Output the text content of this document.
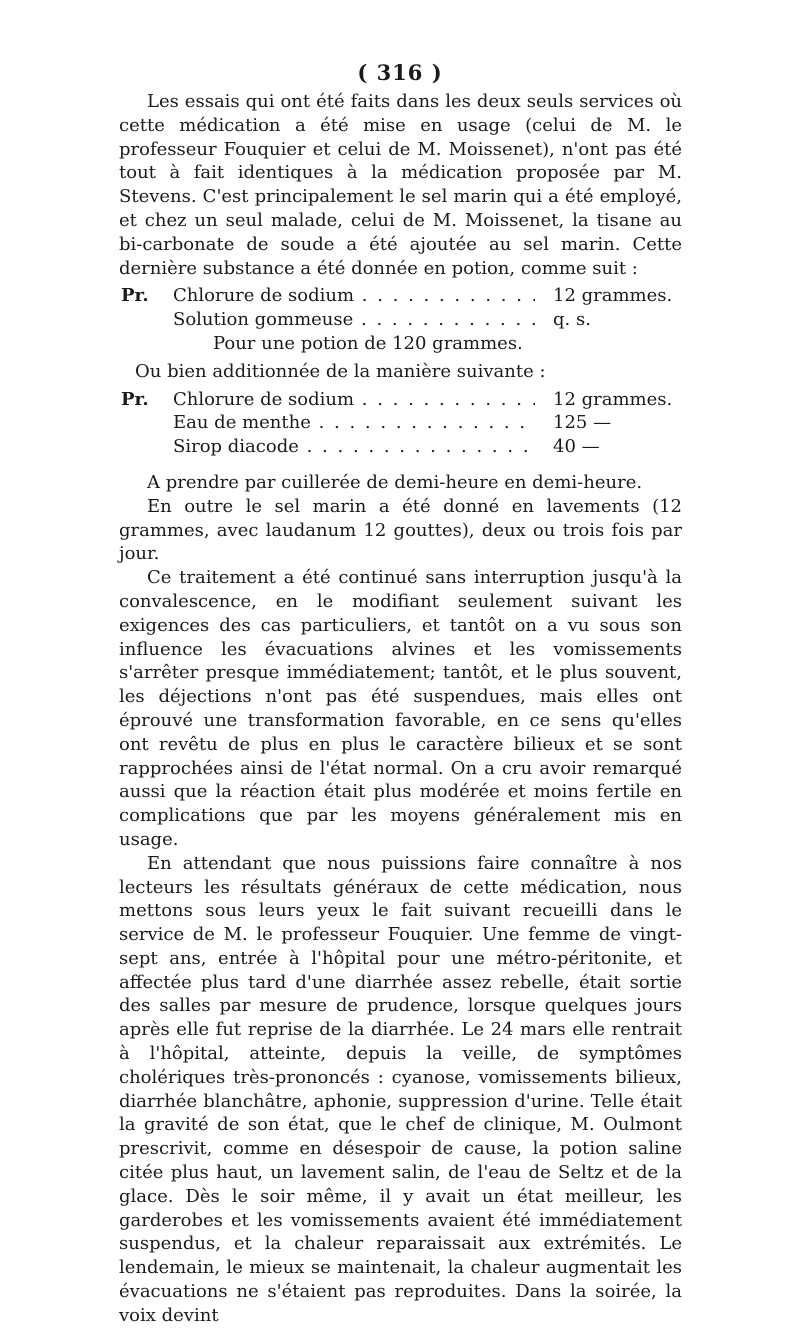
( 316 )

Les essais qui ont été faits dans les deux seuls services où cette médication a été mise en usage (celui de M. le professeur Fouquier et celui de M. Moissenet), n'ont pas été tout à fait identiques à la médication proposée par M. Stevens. C'est principalement le sel marin qui a été employé, et chez un seul malade, celui de M. Moissenet, la tisane au bi-carbonate de soude a été ajoutée au sel marin. Cette dernière substance a été donnée en potion, comme suit :

Pr.	Chlorure de sodium . . .	12 grammes.
Solution gommeuse . . .	q. s.
Pour une potion de 120 grammes.
Ou bien additionnée de la manière suivante :
Pr.	Chlorure de sodium . . .	12 grammes.
Eau de menthe . . .	125 —
Sirop diacode . . .	40 —

A prendre par cuillerée de demi-heure en demi-heure.

En outre le sel marin a été donné en lavements (12 grammes, avec laudanum 12 gouttes), deux ou trois fois par jour.

Ce traitement a été continué sans interruption jusqu'à la convalescence, en le modifiant seulement suivant les exigences des cas particuliers, et tantôt on a vu sous son influence les évacuations alvines et les vomissements s'arrêter presque immédiatement; tantôt, et le plus souvent, les déjections n'ont pas été suspendues, mais elles ont éprouvé une transformation favorable, en ce sens qu'elles ont revêtu de plus en plus le caractère bilieux et se sont rapprochées ainsi de l'état normal. On a cru avoir remarqué aussi que la réaction était plus modérée et moins fertile en complications que par les moyens généralement mis en usage.

En attendant que nous puissions faire connaître à nos lecteurs les résultats généraux de cette médication, nous mettons sous leurs yeux le fait suivant recueilli dans le service de M. le professeur Fouquier. Une femme de vingt-sept ans, entrée à l'hôpital pour une métro-péritonite, et affectée plus tard d'une diarrhée assez rebelle, était sortie des salles par mesure de prudence, lorsque quelques jours après elle fut reprise de la diarrhée. Le 24 mars elle rentrait à l'hôpital, atteinte, depuis la veille, de symptômes cholériques très-prononcés : cyanose, vomissements bilieux, diarrhée blanchâtre, aphonie, suppression d'urine. Telle était la gravité de son état, que le chef de clinique, M. Oulmont prescrivit, comme en désespoir de cause, la potion saline citée plus haut, un lavement salin, de l'eau de Seltz et de la glace. Dès le soir même, il y avait un état meilleur, les garderobes et les vomissements avaient été immédiatement suspendus, et la chaleur reparaissait aux extrémités. Le lendemain, le mieux se maintenait, la chaleur augmentait les évacuations ne s'étaient pas reproduites. Dans la soirée, la voix devint
